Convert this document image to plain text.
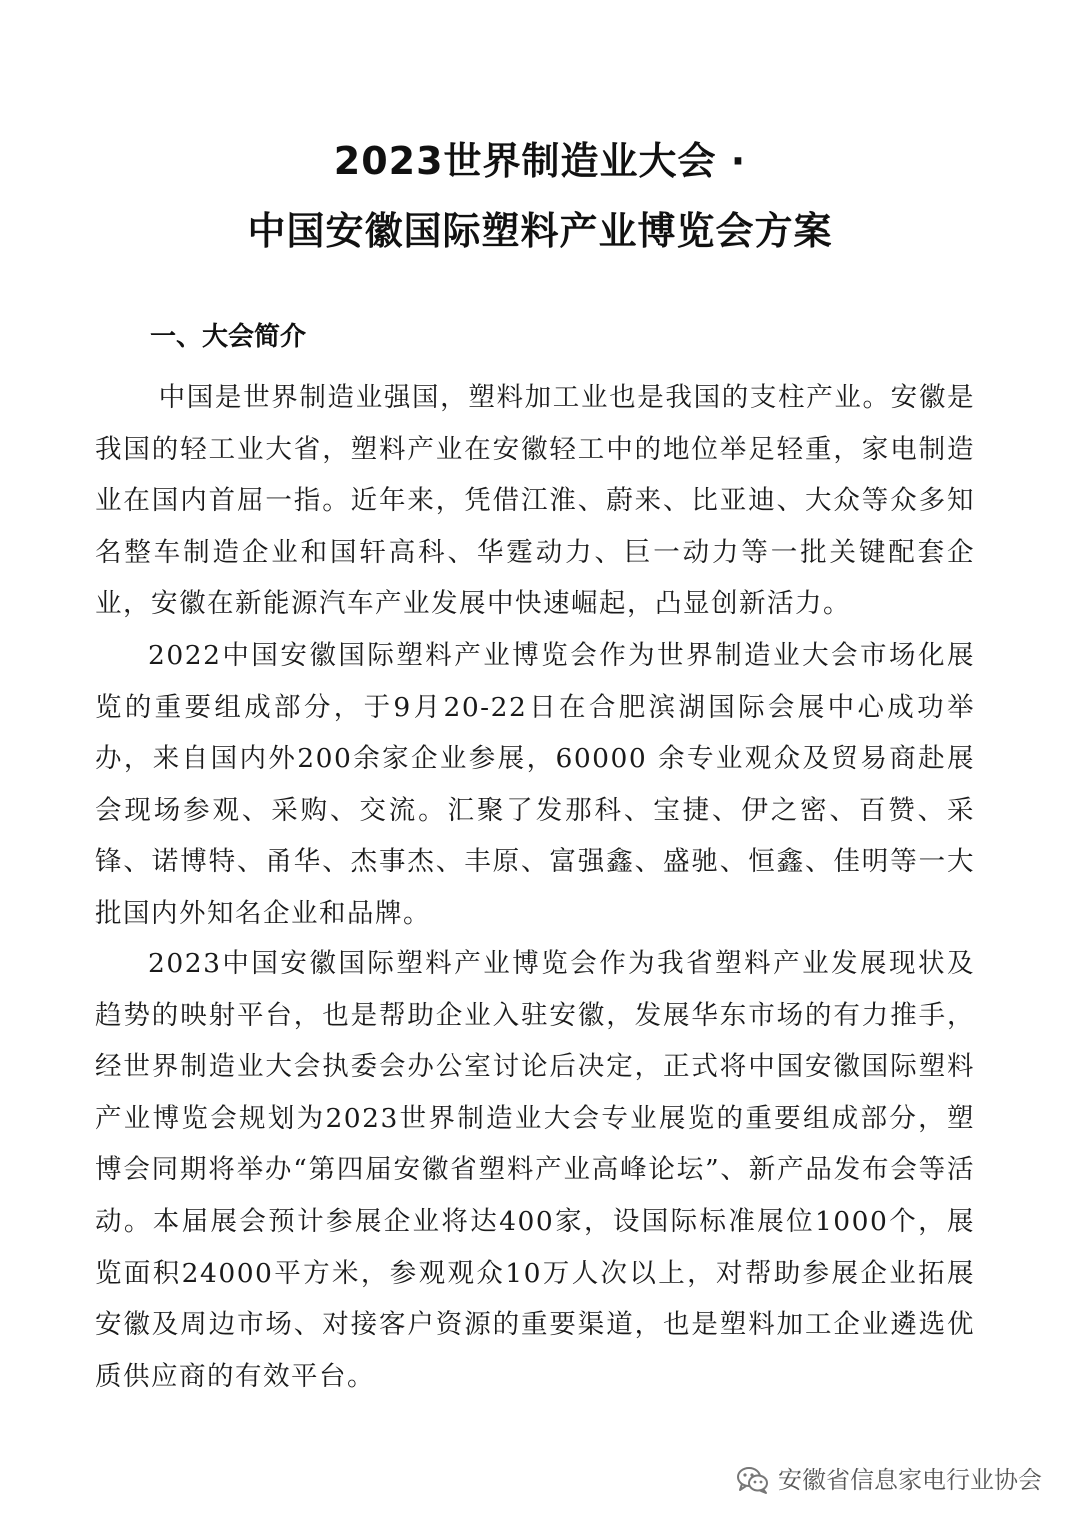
2023世界制造业大会 ·
中国安徽国际塑料产业博览会方案
一、大会简介

中国是世界制造业强国，塑料加工业也是我国的支柱产业。安徽是我国的轻工业大省，塑料产业在安徽轻工中的地位举足轻重，家电制造业在国内首屈一指。近年来，凭借江淮、蔚来、比亚迪、大众等众多知名整车制造企业和国轩高科、华霆动力、巨一动力等一批关键配套企业，安徽在新能源汽车产业发展中快速崛起，凸显创新活力。

2022中国安徽国际塑料产业博览会作为世界制造业大会市场化展览的重要组成部分，于9月20-22日在合肥滨湖国际会展中心成功举办，来自国内外200余家企业参展，60000 余专业观众及贸易商赴展会现场参观、采购、交流。汇聚了发那科、宝捷、伊之密、百赞、采锋、诺博特、甬华、杰事杰、丰原、富强鑫、盛驰、恒鑫、佳明等一大批国内外知名企业和品牌。

2023中国安徽国际塑料产业博览会作为我省塑料产业发展现状及趋势的映射平台，也是帮助企业入驻安徽，发展华东市场的有力推手，经世界制造业大会执委会办公室讨论后决定，正式将中国安徽国际塑料产业博览会规划为2023世界制造业大会专业展览的重要组成部分，塑博会同期将举办“第四届安徽省塑料产业高峰论坛”、新产品发布会等活动。本届展会预计参展企业将达400家，设国际标准展位1000个，展览面积24000平方米，参观观众10万人次以上，对帮助参展企业拓展安徽及周边市场、对接客户资源的重要渠道，也是塑料加工企业遴选优质供应商的有效平台。

安徽省信息家电行业协会
